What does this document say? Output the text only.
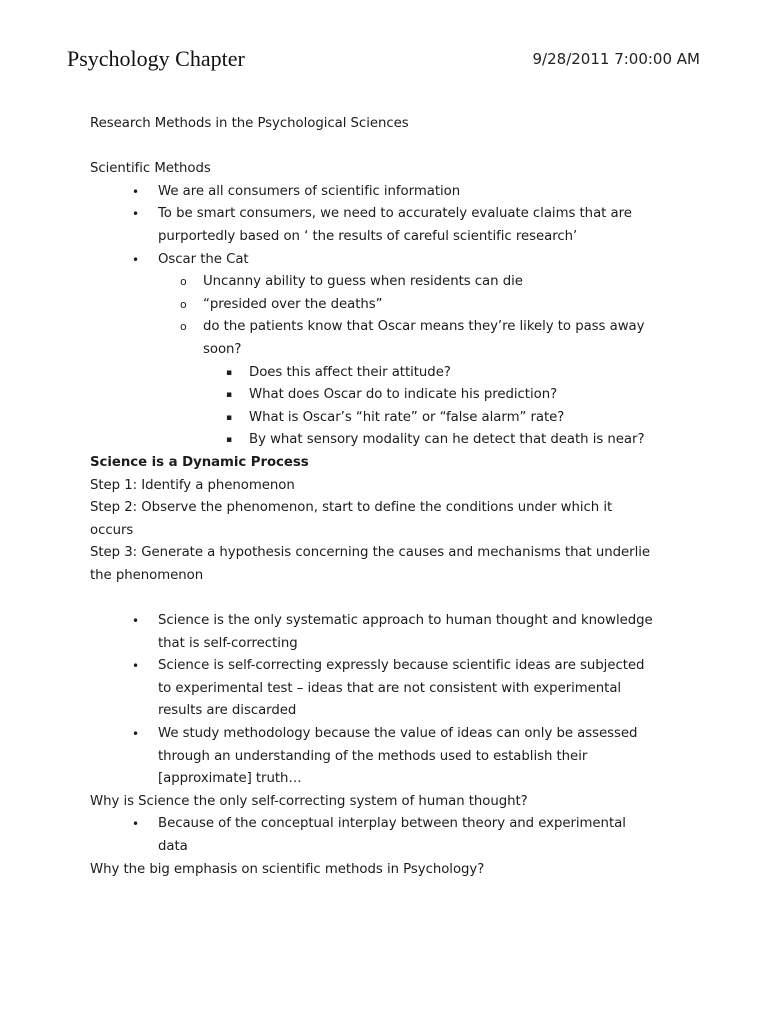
Psychology Chapter	9/28/2011 7:00:00 AM

Research Methods in the Psychological Sciences

Scientific Methods

• We are all consumers of scientific information
• To be smart consumers, we need to accurately evaluate claims that are

purportedly based on ‘ the results of careful scientific research’

• Oscar the Cat
o Uncanny ability to guess when residents can die
o “presided over the deaths”
o do the patients know that Oscar means they’re likely to pass away

soon?

▪ Does this affect their attitude?
▪ What does Oscar do to indicate his prediction?
▪ What is Oscar’s “hit rate” or “false alarm” rate?
▪ By what sensory modality can he detect that death is near?

Science is a Dynamic Process

Step 1: Identify a phenomenon

Step 2: Observe the phenomenon, start to define the conditions under which it

occurs

Step 3: Generate a hypothesis concerning the causes and mechanisms that underlie

the phenomenon

• Science is the only systematic approach to human thought and knowledge

that is self-correcting

• Science is self-correcting expressly because scientific ideas are subjected

to experimental test – ideas that are not consistent with experimental

results are discarded

• We study methodology because the value of ideas can only be assessed

through an understanding of the methods used to establish their

[approximate] truth…

Why is Science the only self-correcting system of human thought?

• Because of the conceptual interplay between theory and experimental

data

Why the big emphasis on scientific methods in Psychology?
